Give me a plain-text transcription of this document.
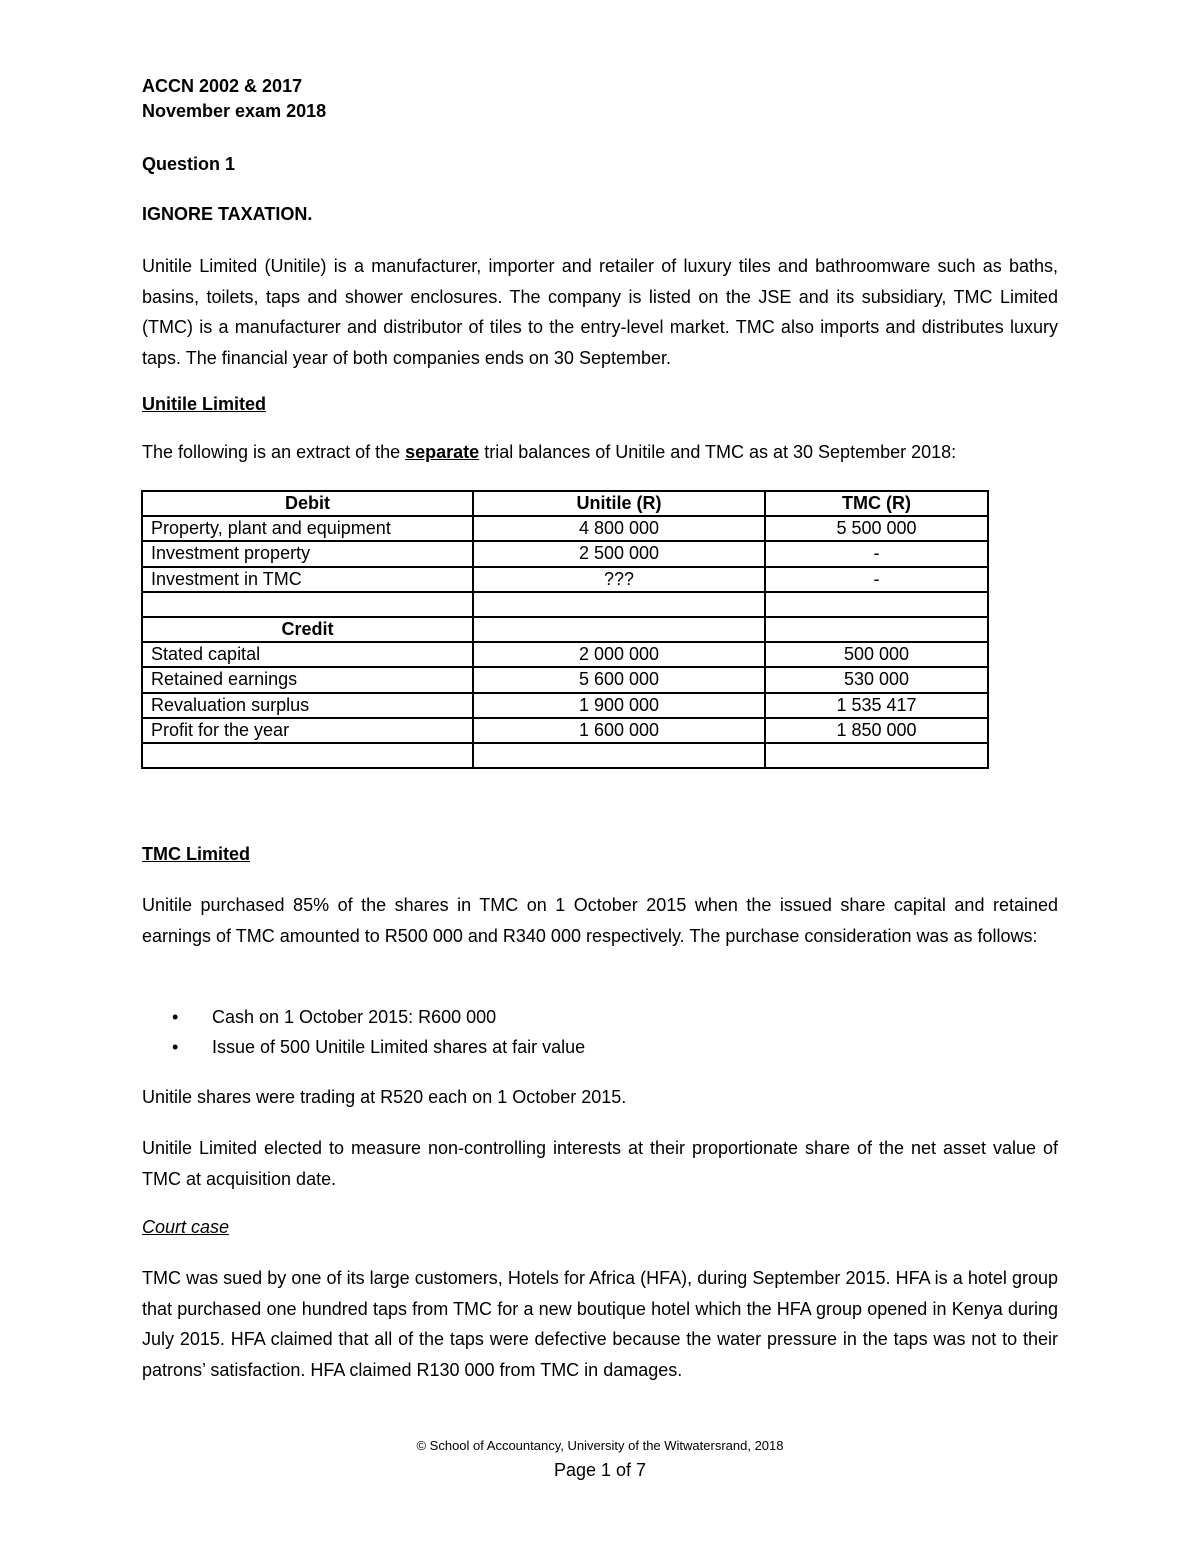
ACCN 2002 & 2017
November exam 2018
Question 1
IGNORE TAXATION.
Unitile Limited (Unitile) is a manufacturer, importer and retailer of luxury tiles and bathroomware such as baths, basins, toilets, taps and shower enclosures. The company is listed on the JSE and its subsidiary, TMC Limited (TMC) is a manufacturer and distributor of tiles to the entry-level market. TMC also imports and distributes luxury taps. The financial year of both companies ends on 30 September.
Unitile Limited
The following is an extract of the separate trial balances of Unitile and TMC as at 30 September 2018:
Debit	Unitile (R)	TMC (R)
Property, plant and equipment	4 800 000	5 500 000
Investment property	2 500 000	-
Investment in TMC	???	-

Credit		
Stated capital	2 000 000	500 000
Retained earnings	5 600 000	530 000
Revaluation surplus	1 900 000	1 535 417
Profit for the year	1 600 000	1 850 000

TMC Limited
Unitile purchased 85% of the shares in TMC on 1 October 2015 when the issued share capital and retained earnings of TMC amounted to R500 000 and R340 000 respectively. The purchase consideration was as follows:
• Cash on 1 October 2015: R600 000
• Issue of 500 Unitile Limited shares at fair value
Unitile shares were trading at R520 each on 1 October 2015.
Unitile Limited elected to measure non-controlling interests at their proportionate share of the net asset value of TMC at acquisition date.
Court case
TMC was sued by one of its large customers, Hotels for Africa (HFA), during September 2015. HFA is a hotel group that purchased one hundred taps from TMC for a new boutique hotel which the HFA group opened in Kenya during July 2015. HFA claimed that all of the taps were defective because the water pressure in the taps was not to their patrons’ satisfaction. HFA claimed R130 000 from TMC in damages.
© School of Accountancy, University of the Witwatersrand, 2018
Page 1 of 7
